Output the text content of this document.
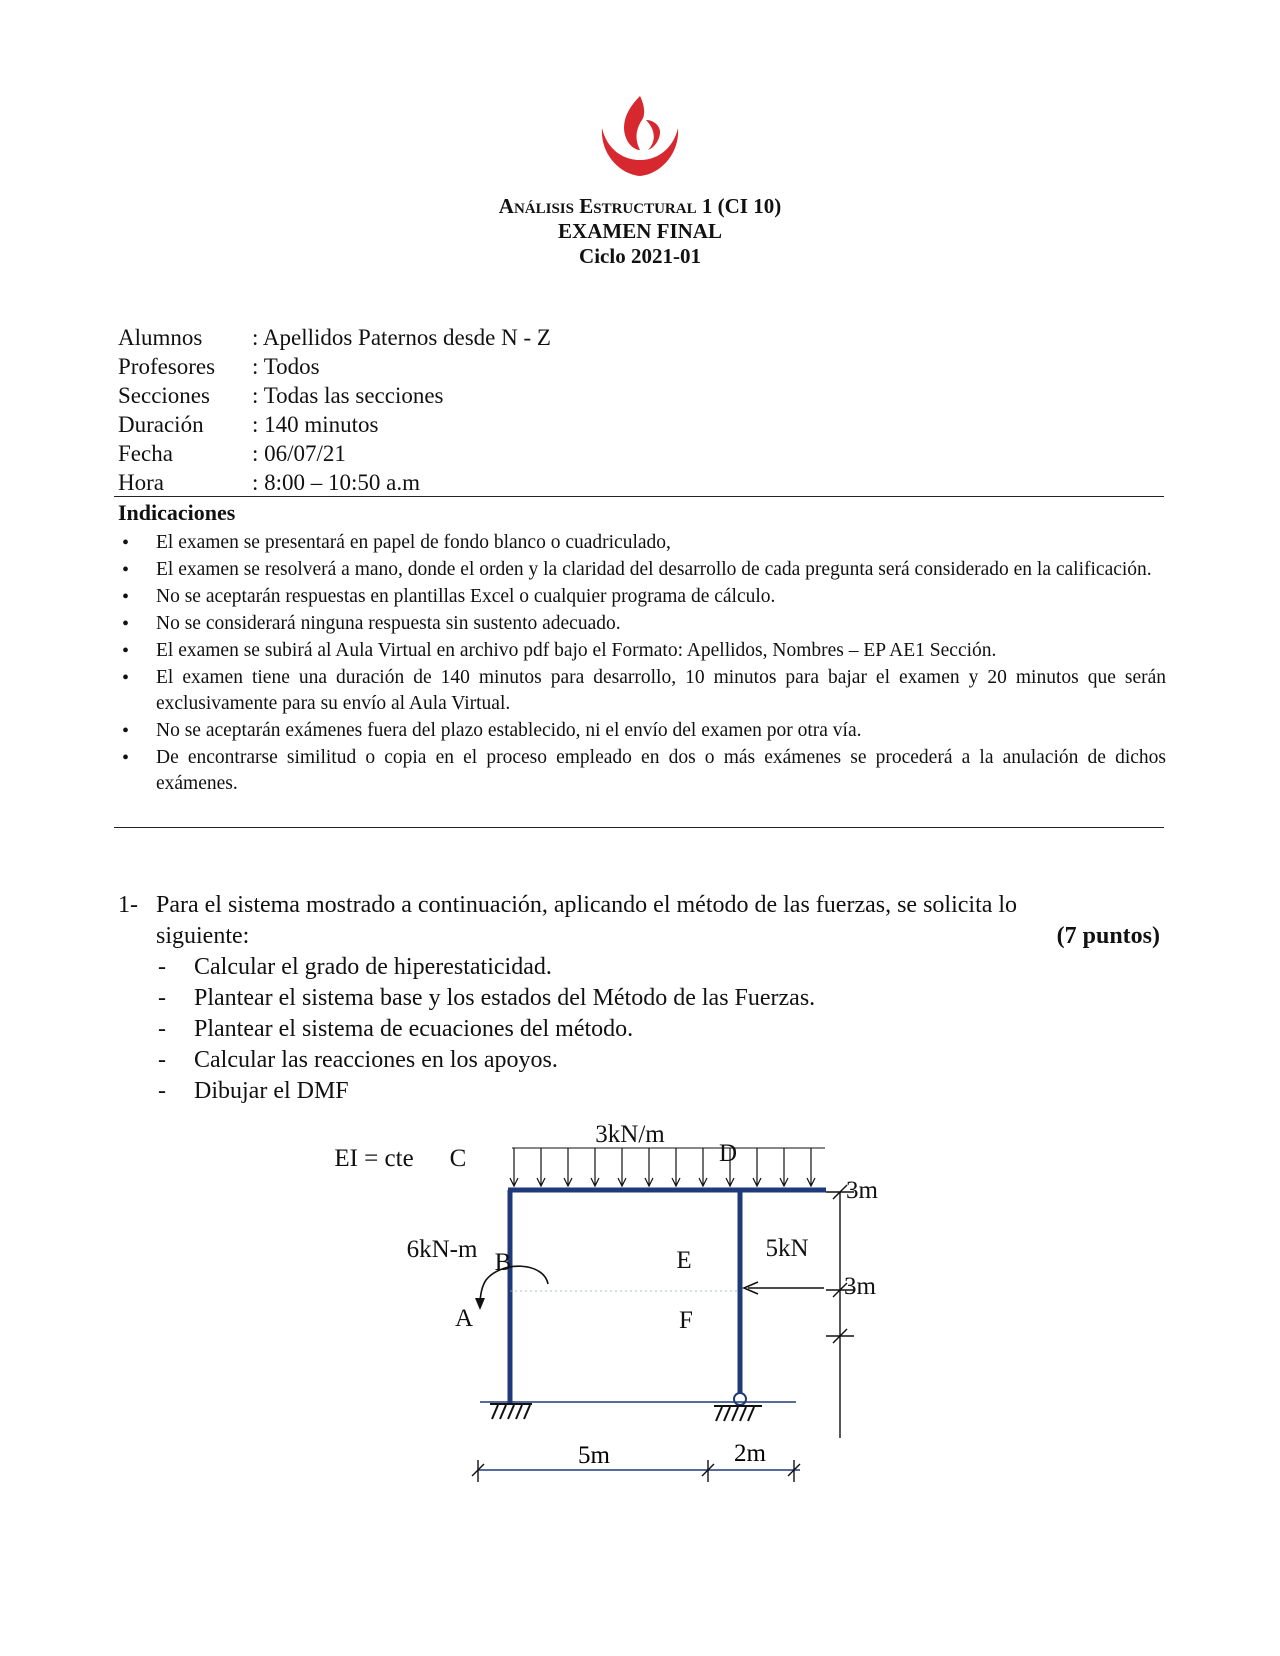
Análisis Estructural 1 (CI 10)
EXAMEN FINAL
Ciclo 2021-01
Alumnos	: Apellidos Paternos desde N - Z
Profesores	: Todos
Secciones	: Todas las secciones
Duración	: 140 minutos
Fecha	: 06/07/21
Hora	: 8:00 – 10:50 a.m
Indicaciones
• El examen se presentará en papel de fondo blanco o cuadriculado,
• El examen se resolverá a mano, donde el orden y la claridad del desarrollo de cada pregunta será considerado en la calificación.
• No se aceptarán respuestas en plantillas Excel o cualquier programa de cálculo.
• No se considerará ninguna respuesta sin sustento adecuado.
• El examen se subirá al Aula Virtual en archivo pdf bajo el Formato: Apellidos, Nombres – EP AE1 Sección.
• El examen tiene una duración de 140 minutos para desarrollo, 10 minutos para bajar el examen y 20 minutos que serán exclusivamente para su envío al Aula Virtual.
• No se aceptarán exámenes fuera del plazo establecido, ni el envío del examen por otra vía.
• De encontrarse similitud o copia en el proceso empleado en dos o más exámenes se procederá a la anulación de dichos exámenes.
1- Para el sistema mostrado a continuación, aplicando el método de las fuerzas, se solicita lo
siguiente:	(7 puntos)
- Calcular el grado de hiperestaticidad.
- Plantear el sistema base y los estados del Método de las Fuerzas.
- Plantear el sistema de ecuaciones del método.
- Calcular las reacciones en los apoyos.
- Dibujar el DMF
3kN/m
6kN-m	5kN
EI = cte C	D
B	E
A	F
3m
3m
5m	2m
